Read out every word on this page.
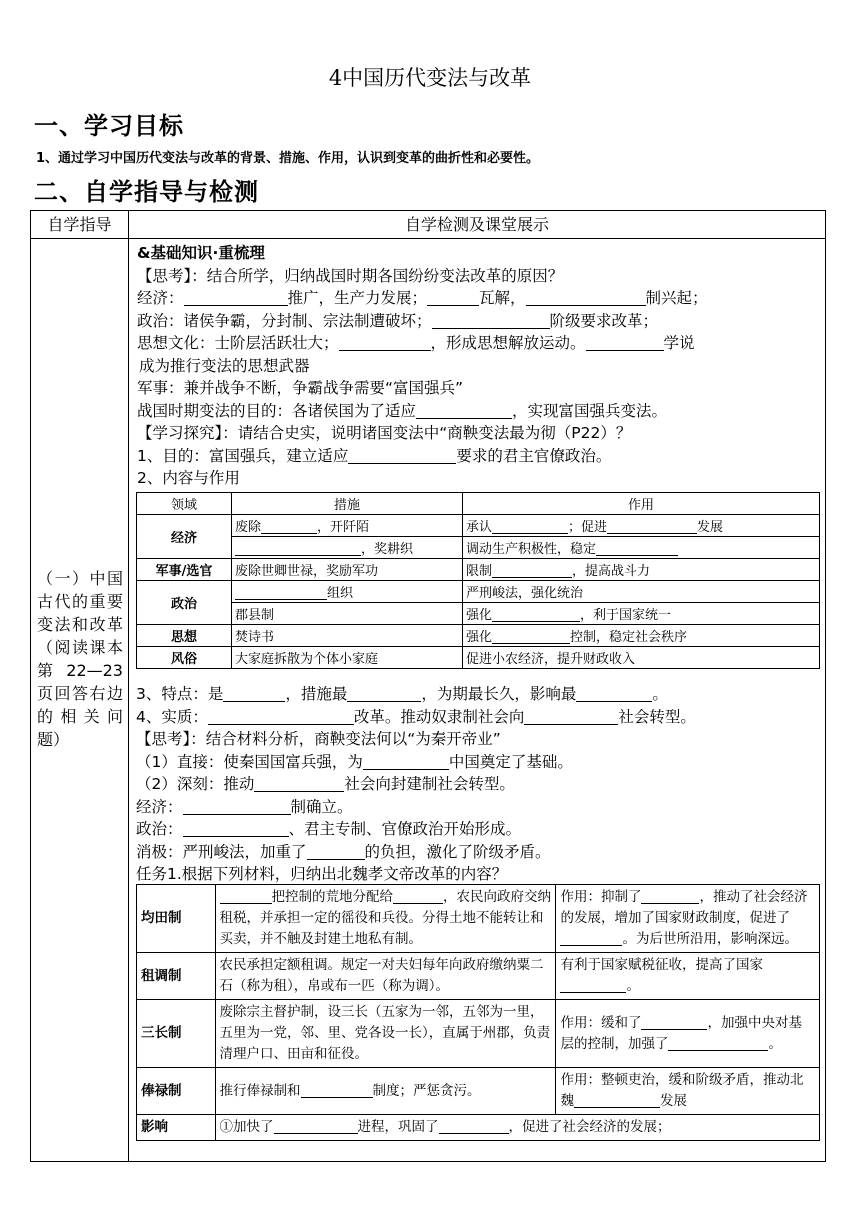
4中国历代变法与改革
一、学习目标
1、通过学习中国历代变法与改革的背景、措施、作用，认识到变革的曲折性和必要性。
二、自学指导与检测
自学指导	自学检测及课堂展示
（一）中国古代的重要变法和改革（阅读课本第22—23页回答右边的相关问题）
&基础知识·重梳理
【思考】：结合所学，归纳战国时期各国纷纷变法改革的原因？
经济：	推广，生产力发展；	瓦解，	制兴起；
政治：诸侯争霸，分封制、宗法制遭破坏；	阶级要求改革；
思想文化：士阶层活跃壮大；	，形成思想解放运动。	学说
成为推行变法的思想武器
军事：兼并战争不断，争霸战争需要“富国强兵”
战国时期变法的目的：各诸侯国为了适应	，实现富国强兵变法。
【学习探究】：请结合史实，说明诸国变法中“商鞅变法最为彻（P22）？
1、目的：富国强兵，建立适应	要求的君主官僚政治。
2、内容与作用
领域	措施	作用
经济	废除 ，开阡陌	承认 ；促进 发展
	，奖耕织	调动生产积极性，稳定
军事/选官	废除世卿世禄，奖励军功	限制 ，提高战斗力
政治	组织	严刑峻法，强化统治
	郡县制	强化 ，利于国家统一
思想	焚诗书	强化 控制，稳定社会秩序
风俗	大家庭拆散为个体小家庭	促进小农经济，提升财政收入
3、特点：是	，措施最	，为期最长久，影响最	。
4、实质：	改革。推动奴隶制社会向	社会转型。
【思考】：结合材料分析，商鞅变法何以“为秦开帝业”
（1）直接：使秦国国富兵强，为	中国奠定了基础。
（2）深刻：推动	社会向封建制社会转型。
经济：	制确立。
政治：	、君主专制、官僚政治开始形成。
消极：严刑峻法，加重了	的负担，激化了阶级矛盾。
任务1.根据下列材料，归纳出北魏孝文帝改革的内容？
均田制	把控制的荒地分配给 ，农民向政府交纳租税，并承担一定的徭役和兵役。分得土地不能转让和买卖，并不触及封建土地私有制。	作用：抑制了 ，推动了社会经济的发展，增加了国家财政制度，促进了。为后世所沿用，影响深远。
租调制	农民承担定额租调。规定一对夫妇每年向政府缴纳粟二石（称为租），帛或布一匹（称为调）。	有利于国家赋税征收，提高了国家。
三长制	废除宗主督护制，设三长（五家为一邻，五邻为一里，五里为一党，邻、里、党各设一长），直属于州郡，负责清理户口、田亩和征役。	作用：缓和了 ，加强中央对基层的控制，加强了 。
俸禄制	推行俸禄制和 制度；严惩贪污。	作用：整顿吏治，缓和阶级矛盾，推动北魏 发展
影响	①加快了 进程，巩固了 ，促进了社会经济的发展；	
